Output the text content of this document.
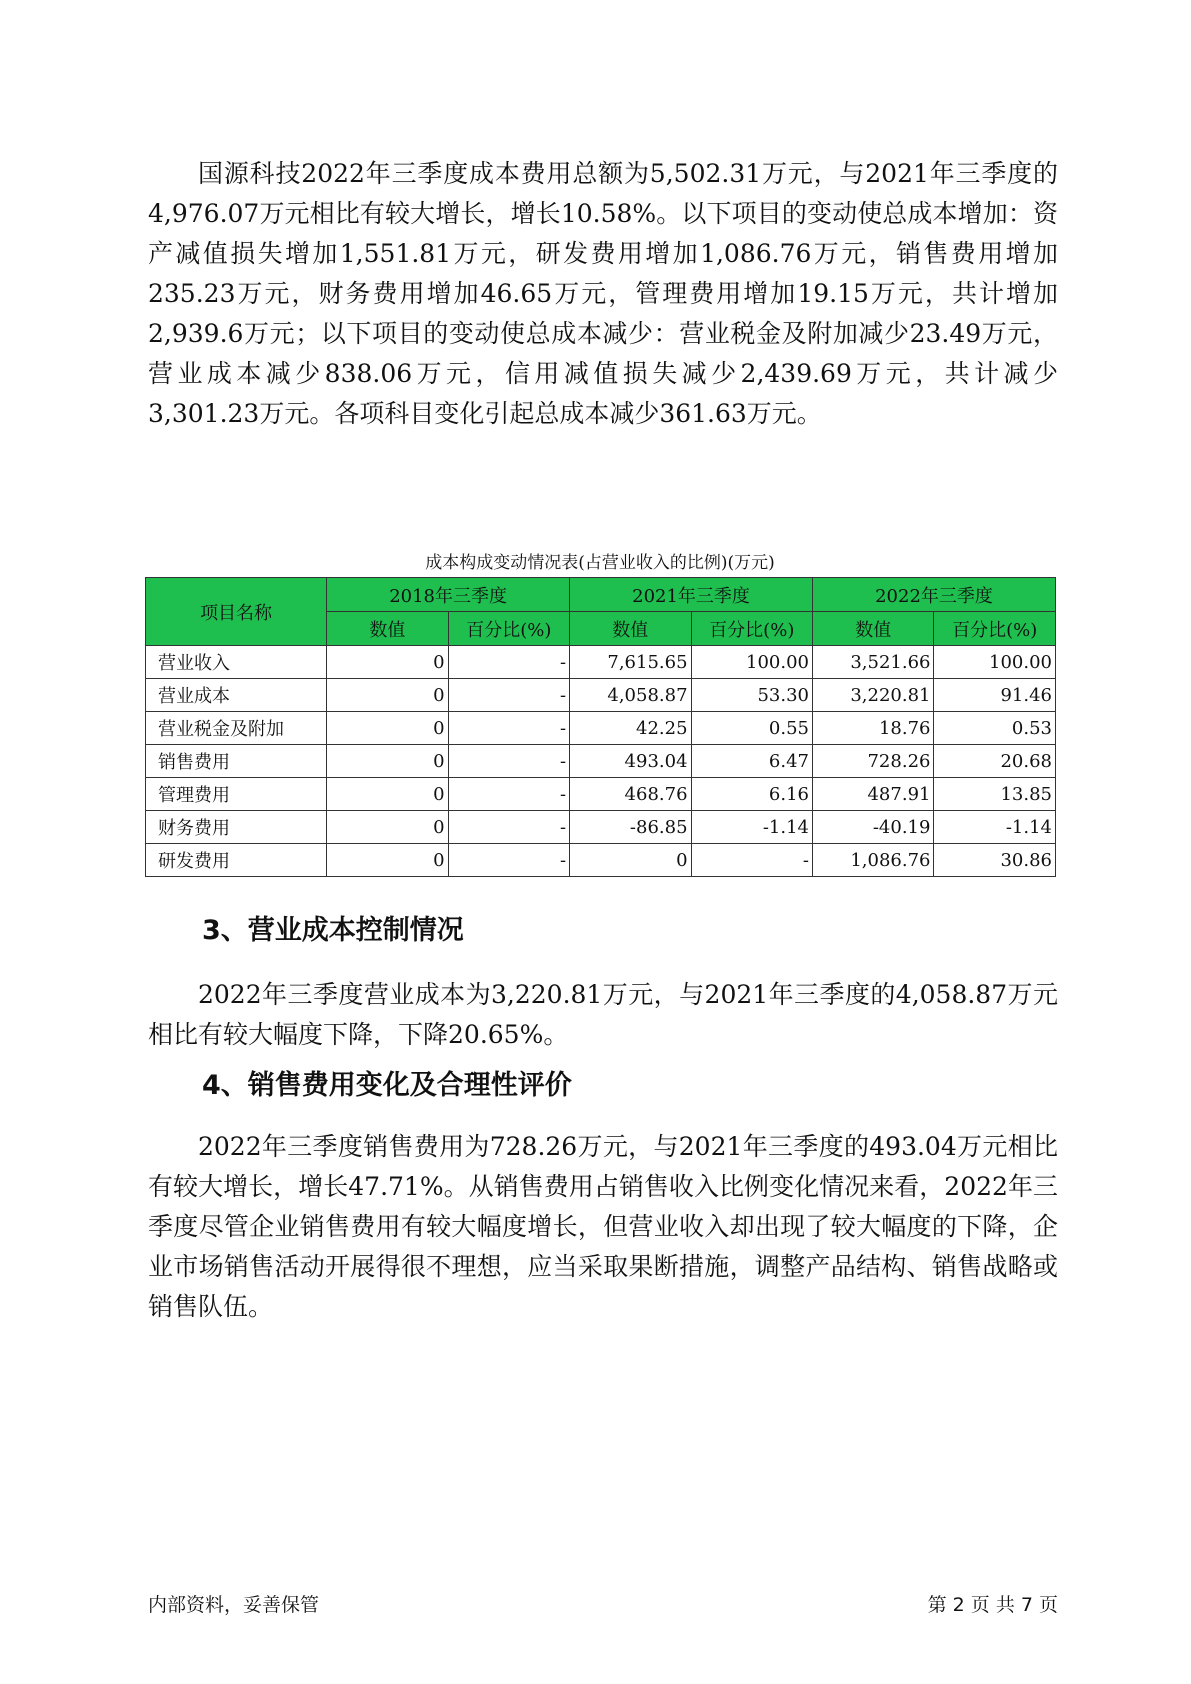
国源科技2022年三季度成本费用总额为5,502.31万元，与2021年三季度的4,976.07万元相比有较大增长，增长10.58%。以下项目的变动使总成本增加：资产减值损失增加1,551.81万元，研发费用增加1,086.76万元，销售费用增加235.23万元，财务费用增加46.65万元，管理费用增加19.15万元，共计增加2,939.6万元；以下项目的变动使总成本减少：营业税金及附加减少23.49万元，营业成本减少838.06万元，信用减值损失减少2,439.69万元，共计减少3,301.23万元。各项科目变化引起总成本减少361.63万元。

成本构成变动情况表(占营业收入的比例)(万元)

项目名称	2018年三季度		2021年三季度		2022年三季度	
	数值	百分比(%)	数值	百分比(%)	数值	百分比(%)
营业收入	0	-	7,615.65	100.00	3,521.66	100.00
营业成本	0	-	4,058.87	53.30	3,220.81	91.46
营业税金及附加	0	-	42.25	0.55	18.76	0.53
销售费用	0	-	493.04	6.47	728.26	20.68
管理费用	0	-	468.76	6.16	487.91	13.85
财务费用	0	-	-86.85	-1.14	-40.19	-1.14
研发费用	0	-	0	-	1,086.76	30.86
3、营业成本控制情况

2022年三季度营业成本为3,220.81万元，与2021年三季度的4,058.87万元相比有较大幅度下降，下降20.65%。

4、销售费用变化及合理性评价

2022年三季度销售费用为728.26万元，与2021年三季度的493.04万元相比有较大增长，增长47.71%。从销售费用占销售收入比例变化情况来看，2022年三季度尽管企业销售费用有较大幅度增长，但营业收入却出现了较大幅度的下降，企业市场销售活动开展得很不理想，应当采取果断措施，调整产品结构、销售战略或销售队伍。

内部资料，妥善保管	第 2 页 共 7 页
